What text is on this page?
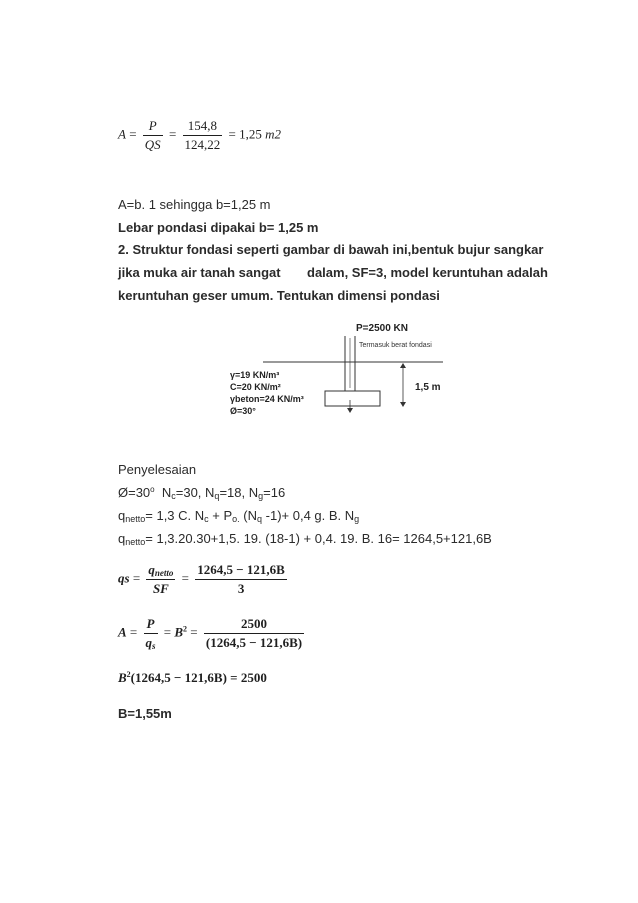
$A = \frac{P}{QS} = \frac{154,8}{124,22} = 1,25$ m2
A=b. 1 sehingga b=1,25 m
Lebar pondasi dipakai b= 1,25 m
2. Struktur fondasi seperti gambar di bawah ini,bentuk bujur sangkar
jika muka air tanah sangat dalam, SF=3, model keruntuhan adalah
keruntuhan geser umum. Tentukan dimensi pondasi
P=2500 KN
Termasuk berat fondasi
γ=19 KN/m³
C=20 KN/m²
γbeton=24 KN/m³
Ø=30°
1,5 m
Penyelesaian
$Ø=30^o$ $N_c=30$, $N_q=18$, $N_g=16$
$q_{netto}= 1,3$ C. $N_c + P_{o.}$ ($N_q$ -1)+ 0,4 g. B. $N_g$
$q_{netto}= 1,3.20.30+1,5$. 19. (18-1) + 0,4. 19. B. 16= 1264,5+121,6B
qs = $\frac{q_{netto}}{SF} = \frac{1264,5 - 121,6B}{3}$
$A = \frac{P}{q_s} = B^2 = \frac{2500}{(1264,5 - 121,6B)}$
$B^2(1264,5 - 121,6B) = 2500$
B=1,55m
